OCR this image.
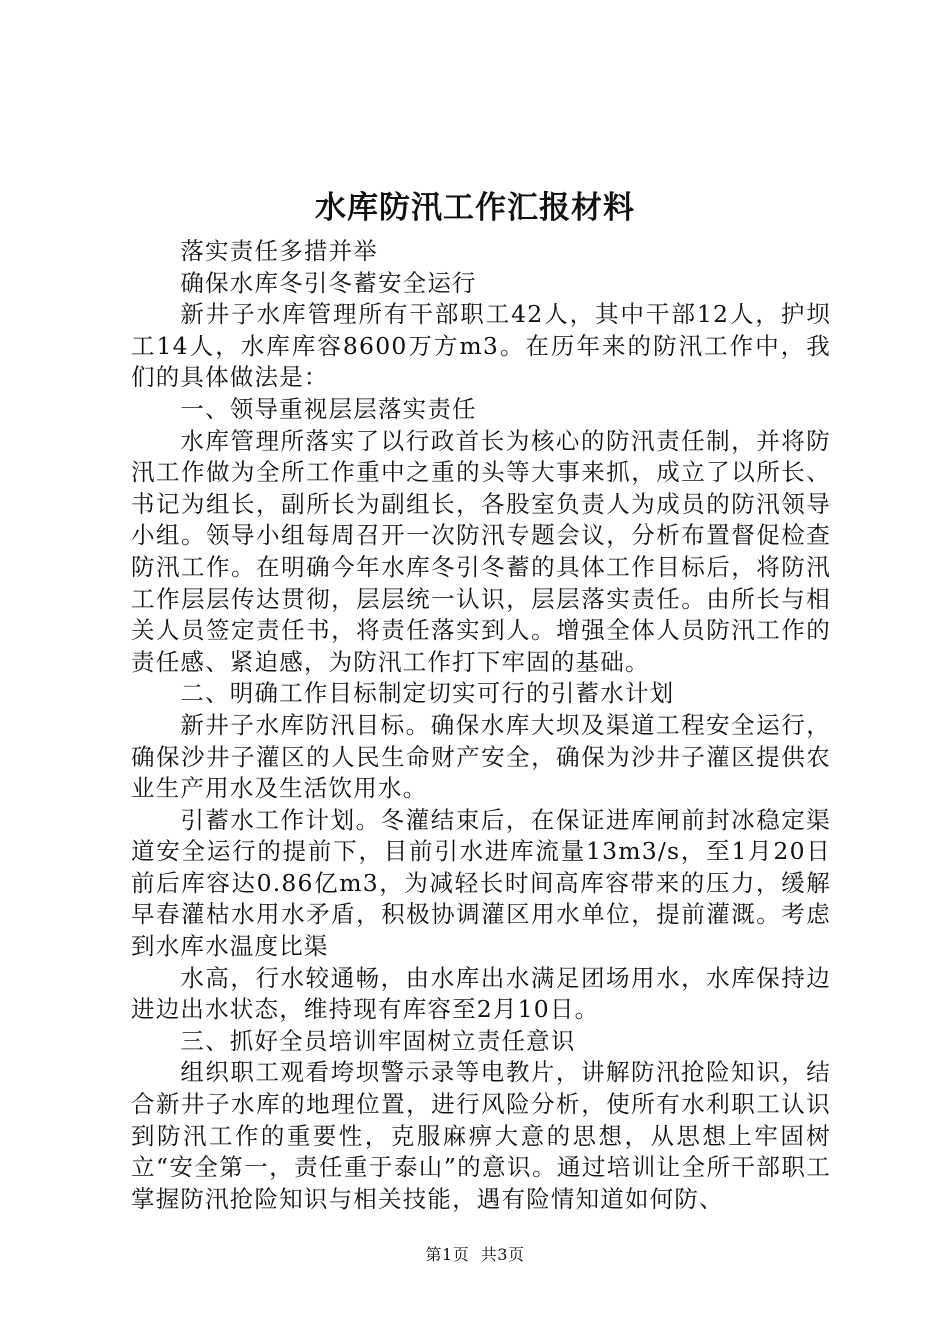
水库防汛工作汇报材料

落实责任多措并举

确保水库冬引冬蓄安全运行

新井子水库管理所有干部职工42人，其中干部12人，护坝工14人，水库库容8600万方m3。在历年来的防汛工作中，我们的具体做法是：

一、领导重视层层落实责任

水库管理所落实了以行政首长为核心的防汛责任制，并将防汛工作做为全所工作重中之重的头等大事来抓，成立了以所长、书记为组长，副所长为副组长，各股室负责人为成员的防汛领导小组。领导小组每周召开一次防汛专题会议，分析布置督促检查防汛工作。在明确今年水库冬引冬蓄的具体工作目标后，将防汛工作层层传达贯彻，层层统一认识，层层落实责任。由所长与相关人员签定责任书，将责任落实到人。增强全体人员防汛工作的责任感、紧迫感，为防汛工作打下牢固的基础。

二、明确工作目标制定切实可行的引蓄水计划

新井子水库防汛目标。确保水库大坝及渠道工程安全运行，确保沙井子灌区的人民生命财产安全，确保为沙井子灌区提供农业生产用水及生活饮用水。

引蓄水工作计划。冬灌结束后，在保证进库闸前封冰稳定渠道安全运行的提前下，目前引水进库流量13m3/s，至1月20日前后库容达0.86亿m3，为减轻长时间高库容带来的压力，缓解早春灌枯水用水矛盾，积极协调灌区用水单位，提前灌溉。考虑到水库水温度比渠

水高，行水较通畅，由水库出水满足团场用水，水库保持边进边出水状态，维持现有库容至2月10日。

三、抓好全员培训牢固树立责任意识

组织职工观看垮坝警示录等电教片，讲解防汛抢险知识，结合新井子水库的地理位置，进行风险分析，使所有水利职工认识到防汛工作的重要性，克服麻痹大意的思想，从思想上牢固树立“安全第一，责任重于泰山”的意识。通过培训让全所干部职工掌握防汛抢险知识与相关技能，遇有险情知道如何防、

第1页 共3页
